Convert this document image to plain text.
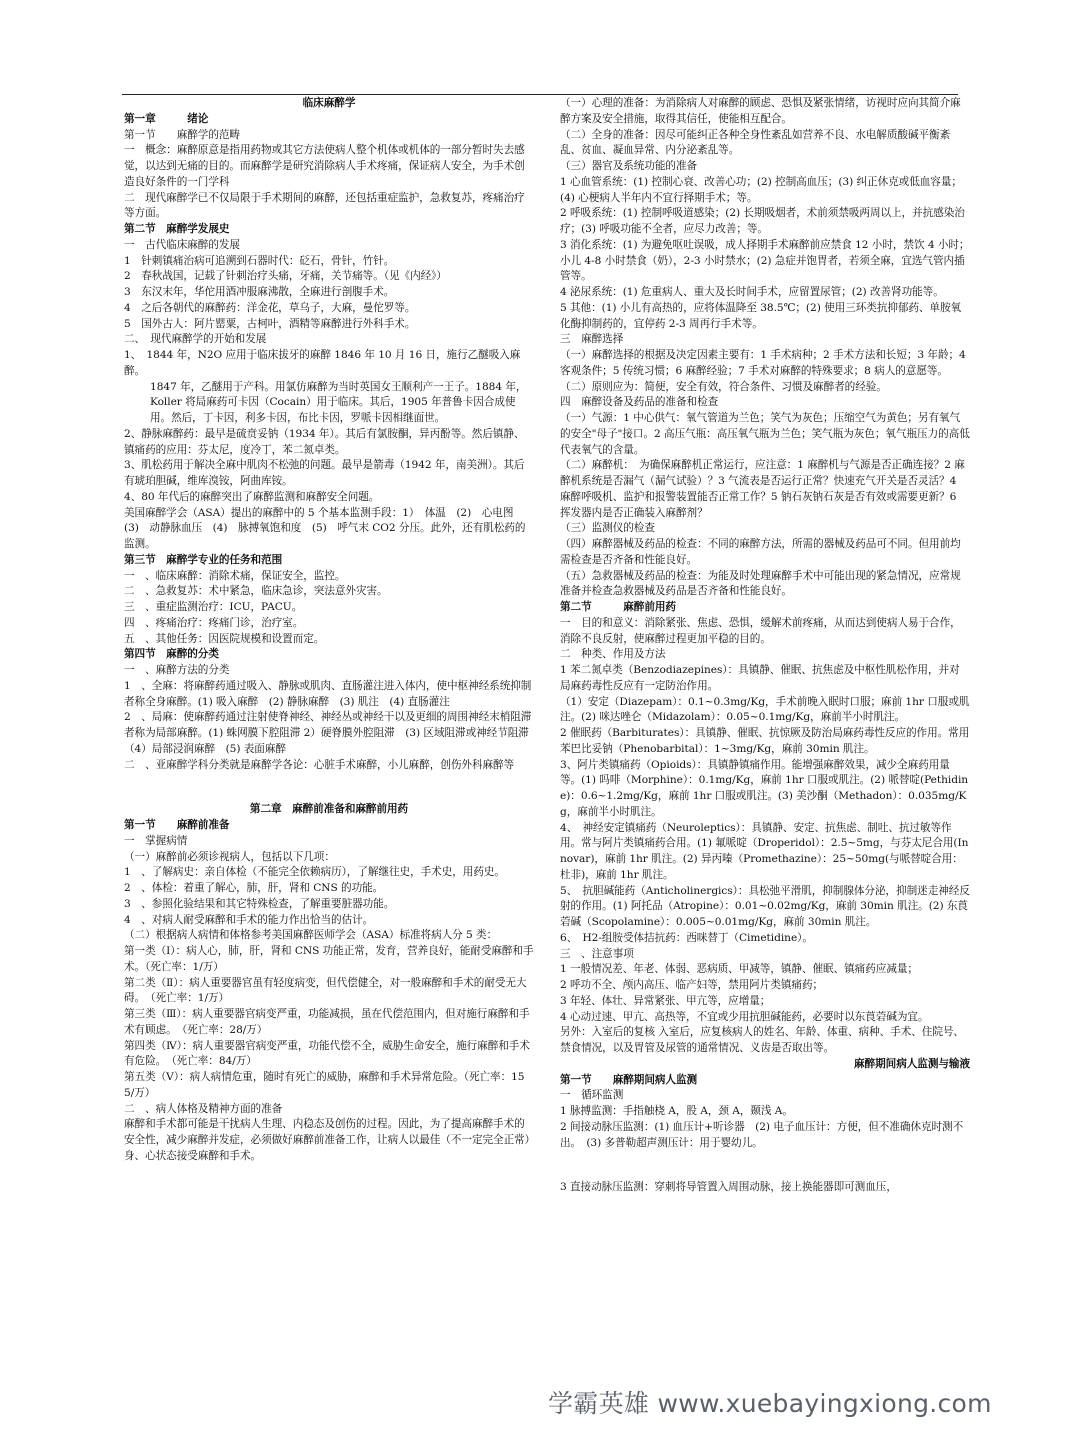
临床麻醉学

第一章　　　绪论

第一节　　麻醉学的范畴

一　概念：麻醉原意是指用药物或其它方法使病人整个机体或机体的一部分暂时失去感觉，以达到无痛的目的。而麻醉学是研究消除病人手术疼痛，保证病人安全，为手术创造良好条件的一门学科

二　现代麻醉学已不仅局限于手术期间的麻醉，还包括重症监护，急救复苏，疼痛治疗等方面。

第二节　麻醉学发展史

一　古代临床麻醉的发展

1　针刺镇痛治病可追溯到石器时代：砭石，骨针，竹针。

2　春秋战国，记载了针刺治疗头痛，牙痛，关节痛等。（见《内经》）

3　东汉末年，华佗用酒冲服麻沸散，全麻进行剖腹手术。

4　之后各朝代的麻醉药：洋金花，草乌子，大麻，曼佗罗等。

5　国外古人：阿片罂粟，古柯叶，酒精等麻醉进行外科手术。

二、　现代麻醉学的开始和发展

1、　1844 年，N2O 应用于临床拔牙的麻醉 1846 年 10 月 16 日，施行乙醚吸入麻醉。

1847 年，乙醚用于产科。用氯仿麻醉为当时英国女王顺利产一王子。1884 年，Koller 将局麻药可卡因（Cocain）用于临床。其后，1905 年普鲁卡因合成使用。然后，丁卡因，利多卡因，布比卡因，罗哌卡因相继面世。

2、静脉麻醉药：最早是硫贲妥钠（1934 年）。其后有氯胺酮，异丙酚等。然后镇静、镇痛药的应用：芬太尼，度冷丁，苯二氮卓类。

3、肌松药用于解决全麻中肌肉不松弛的问题。最早是箭毒（1942 年，南美洲）。其后有琥珀胆碱，维库溴铵，阿曲库铵。

4、80 年代后的麻醉突出了麻醉监测和麻醉安全问题。

美国麻醉学会（ASA）提出的麻醉中的 5 个基本监测手段：1）　体温　(2)　心电图　(3)　动静脉血压　(4)　脉搏氧饱和度　(5)　呼气末 CO2 分压。此外，还有肌松药的监测。

第三节　麻醉学专业的任务和范围

一　、临床麻醉：消除术痛，保证安全，监控。

二　、急救复苏：术中紧急，临床急诊，突法意外灾害。

三　、重症监测治疗：ICU，PACU。

四　、疼痛治疗：疼痛门诊，治疗室。

五　、其他任务：因医院规模和设置而定。

第四节　麻醉的分类

一　、麻醉方法的分类

1　、全麻：将麻醉药通过吸入、静脉或肌肉、直肠灌注进入体内，使中枢神经系统抑制者称全身麻醉。(1) 吸入麻醉　(2) 静脉麻醉　(3) 肌注　(4) 直肠灌注

2　、局麻：使麻醉药通过注射使脊神经、神经丛或神经干以及更细的周围神经末梢阻滞者称为局部麻醉。(1) 蛛网膜下腔阻滞 2）硬脊膜外腔阻滞　(3) 区域阻滞或神经节阻滞

（4）局部浸润麻醉　(5) 表面麻醉

二　、亚麻醉学科分类就是麻醉学各论：心脏手术麻醉，小儿麻醉，创伤外科麻醉等

第二章　麻醉前准备和麻醉前用药

第一节　　麻醉前准备

一　掌握病情

（一）麻醉前必须诊视病人，包括以下几项：

1　、了解病史：亲自体检（不能完全依赖病历），了解继往史，手术史，用药史。

2　、体检：着重了解心，肺，肝，肾和 CNS 的功能。

3　、参照化验结果和其它特殊检查，了解重要脏器功能。

4　、对病人耐受麻醉和手术的能力作出恰当的估计。

（二）根据病人病情和体格参考美国麻醉医师学会（ASA）标准将病人分 5 类：

第一类（Ⅰ）：病人心，肺，肝，肾和 CNS 功能正常，发育，营养良好，能耐受麻醉和手术。（死亡率：1/万）

第二类（Ⅱ）：病人重要器官虽有轻度病变，但代偿健全，对一般麻醉和手术的耐受无大碍。　（死亡率：1/万）

第三类（Ⅲ）：病人重要器官病变严重，功能减损，虽在代偿范围内，但对施行麻醉和手术有顾虑。　（死亡率：28/万）

第四类（Ⅳ）：病人重要器官病变严重，功能代偿不全，威胁生命安全，施行麻醉和手术有危险。　（死亡率：84/万）

第五类（Ⅴ）：病人病情危重，随时有死亡的威胁，麻醉和手术异常危险。（死亡率：155/万）

二　、病人体格及精神方面的准备

麻醉和手术都可能是干扰病人生理、内稳态及创伤的过程。因此，为了提高麻醉手术的安全性，减少麻醉并发症，必须做好麻醉前准备工作，让病人以最佳（不一定完全正常）身、心状态接受麻醉和手术。

（一）心理的准备：为消除病人对麻醉的顾虑、恐惧及紧张情绪，访视时应向其简介麻醉方案及安全措施，取得其信任，使能相互配合。

（二）全身的准备：因尽可能纠正各种全身性紊乱如营养不良、水电解质酸碱平衡紊乱、贫血、凝血异常、内分泌紊乱等。

（三）器官及系统功能的准备

1 心血管系统：(1) 控制心衰、改善心功；(2) 控制高血压；(3) 纠正休克或低血容量；(4) 心梗病人半年内不宜行择期手术；等。

2 呼吸系统：(1) 控制呼吸道感染；(2) 长期吸烟者，术前须禁吸两周以上，并抗感染治疗；(3) 呼吸功能不全者，应尽力改善；等。

3 消化系统：(1) 为避免呕吐误吸，成人择期手术麻醉前应禁食 12 小时，禁饮 4 小时；小儿 4-8 小时禁食（奶），2-3 小时禁水；(2) 急症并饱胃者，若须全麻，宜选气管内插管等。

4 泌尿系统：(1) 危重病人、重大及长时间手术，应留置尿管；(2) 改善肾功能等。

5 其他：(1) 小儿有高热的，应将体温降至 38.5℃；(2) 使用三环类抗抑郁药、单胺氧化酶抑制药的，宜停药 2-3 周再行手术等。

三　麻醉选择

（一）麻醉选择的根据及决定因素主要有：1 手术病种；2 手术方法和长短；3 年龄；4 客观条件；5 传统习惯；6 麻醉经验；7 手术对麻醉的特殊要求；8 病人的意愿等。

（二）原则应为：简便，安全有效，符合条件、习惯及麻醉者的经验。

四　麻醉设备及药品的准备和检查

（一）气源：1 中心供气：氧气管道为兰色；笑气为灰色；压缩空气为黄色；另有氧气的安全"母子"接口。2 高压气瓶：高压氧气瓶为兰色；笑气瓶为灰色；氧气瓶压力的高低代表氧气的含量。

（二）麻醉机：　为确保麻醉机正常运行，应注意：1 麻醉机与气源是否正确连接？2 麻醉机系统是否漏气（漏气试验）？3 气流表是否运行正常？快速充气开关是否灵活？4 麻醉呼吸机、监护和报警装置能否正常工作？5 钠石灰钠石灰是否有效或需要更新？6 挥发器内是否正确装入麻醉剂？

（三）监测仪的检查

（四）麻醉器械及药品的检查：不同的麻醉方法，所需的器械及药品可不同。但用前均需检查是否齐备和性能良好。

（五）急救器械及药品的检查：为能及时处理麻醉手术中可能出现的紧急情况，应常规准备并检查急救器械及药品是否齐备和性能良好。

第二节　　　麻醉前用药

一　目的和意义：消除紧张、焦虑、恐惧，缓解术前疼痛，从而达到使病人易于合作，消除不良反射，使麻醉过程更加平稳的目的。

二　种类、作用及方法

1 苯二氮卓类（Benzodiazepines）：具镇静、催眠、抗焦虑及中枢性肌松作用，并对局麻药毒性反应有一定防治作用。

（1）安定（Diazepam）：0.1~0.3mg/Kg，手术前晚入眠时口服；麻前 1hr 口服或肌注。(2) 咪达唑仑（Midazolam）：0.05~0.1mg/Kg，麻前半小时肌注。

2 催眠药（Barbiturates）：具镇静、催眠、抗惊厥及防治局麻药毒性反应的作用。常用苯巴比妥钠（Phenobarbital）：1~3mg/Kg，麻前 30min 肌注。

3、阿片类镇痛药（Opioids）：具镇静镇痛作用。能增强麻醉效果，减少全麻药用量等。(1) 吗啡（Morphine）：0.1mg/Kg，麻前 1hr 口服或肌注。(2) 哌替啶(Pethidine)：0.6~1.2mg/Kg，麻前 1hr 口服或肌注。(3) 美沙酮（Methadon）：0.035mg/Kg，麻前半小时肌注。

4、　神经安定镇痛药（Neuroleptics）：具镇静、安定、抗焦虑、制吐、抗过敏等作用。常与阿片类镇痛药合用。(1) 氟哌啶（Droperidol）：2.5~5mg，与芬太尼合用(Innovar)，麻前 1hr 肌注。(2) 异丙嗪（Promethazine）：25~50mg(与哌替啶合用：杜非)，麻前 1hr 肌注。

5、　抗胆碱能药（Anticholinergics）：具松弛平滑肌，抑制腺体分泌，抑制迷走神经反射的作用。(1) 阿托品（Atropine）：0.01~0.02mg/Kg，麻前 30min 肌注。(2) 东莨菪碱（Scopolamine）：0.005~0.01mg/Kg，麻前 30min 肌注。

6、　H2-组胺受体拮抗药：西咪替丁（Cimetidine）。

三　、注意事项

1 一般情况差、年老、体弱、恶病质、甲减等，镇静、催眠、镇痛药应减量；

2 呼功不全、颅内高压、临产妇等，禁用阿片类镇痛药；

3 年轻、体壮、异常紧张、甲亢等，应增量；

4 心动过速、甲亢、高热等，不宜或少用抗胆碱能药，必要时以东莨菪碱为宜。

另外：入室后的复核 入室后，应复核病人的姓名、年龄、体重、病种、手术、住院号、禁食情况，以及胃管及尿管的通常情况、义齿是否取出等。

麻醉期间病人监测与输液

第一节　　麻醉期间病人监测

一　循环监测

1 脉搏监测：手指触桡 A，股 A，颈 A，颞浅 A。

2 间接动脉压监测：(1) 血压计+听诊器　(2) 电子血压计：方便，但不准确休克时测不出。　(3) 多普勒超声测压计：用于婴幼儿。

3 直接动脉压监测：穿刺将导管置入周围动脉，接上换能器即可测血压，

学霸英雄 www.xuebayingxiong.com
